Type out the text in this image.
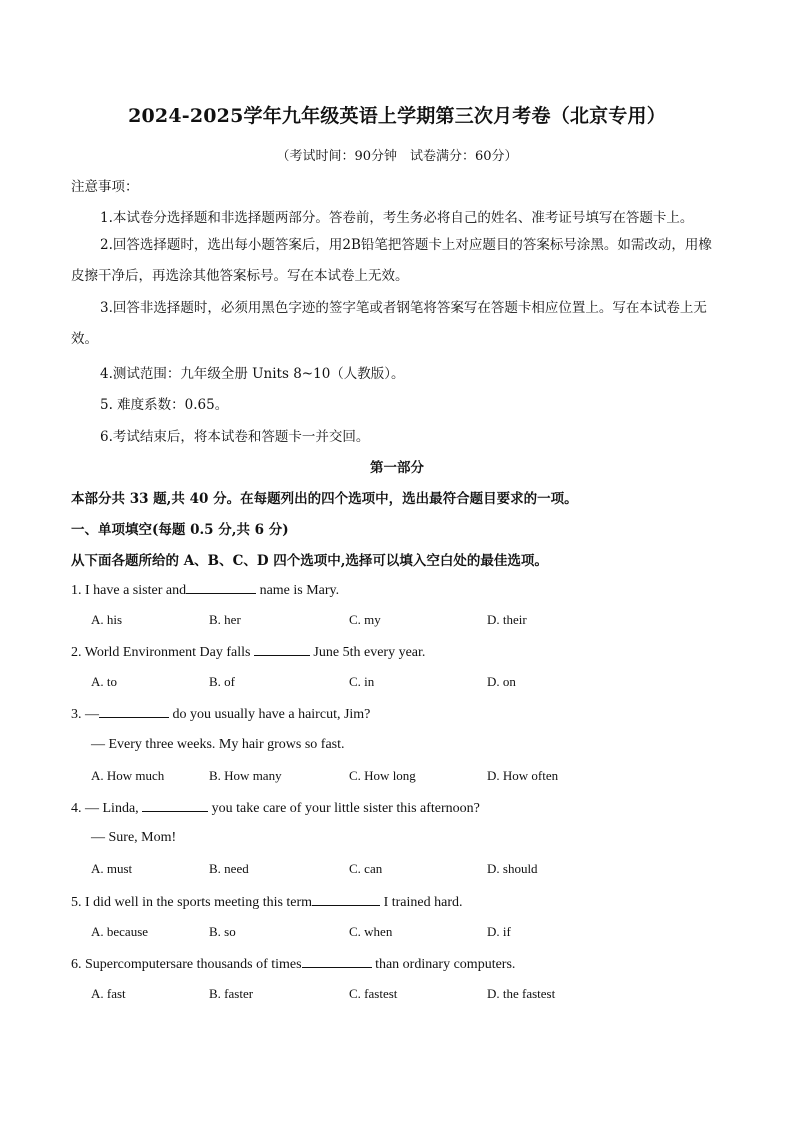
2024-2025学年九年级英语上学期第三次月考卷（北京专用）
（考试时间：90分钟　试卷满分：60分）
注意事项：
1.本试卷分选择题和非选择题两部分。答卷前，考生务必将自己的姓名、准考证号填写在答题卡上。
2.回答选择题时，选出每小题答案后，用2B铅笔把答题卡上对应题目的答案标号涂黑。如需改动，用橡皮擦干净后，再选涂其他答案标号。写在本试卷上无效。
3.回答非选择题时，必须用黑色字迹的签字笔或者钢笔将答案写在答题卡相应位置上。写在本试卷上无效。
4.测试范围：九年级全册 Units 8~10（人教版）。
5. 难度系数：0.65。
6.考试结束后，将本试卷和答题卡一并交回。
第一部分
本部分共 33 题,共 40 分。在每题列出的四个选项中，选出最符合题目要求的一项。
一、单项填空(每题 0.5 分,共 6 分)
从下面各题所给的 A、B、C、D 四个选项中,选择可以填入空白处的最佳选项。
1. I have a sister and	name is Mary.
A. his	B. her	C. my	D. their
2. World Environment Day falls	June 5th every year.
A. to	B. of	C. in	D. on
3. —	do you usually have a haircut, Jim?
— Every three weeks. My hair grows so fast.
A. How much	B. How many	C. How long	D. How often
4. — Linda,	you take care of your little sister this afternoon?
— Sure, Mom!
A. must	B. need	C. can	D. should
5. I did well in the sports meeting this term	I trained hard.
A. because	B. so	C. when	D. if
6. Supercomputersare thousands of times	than ordinary computers.
A. fast	B. faster	C. fastest	D. the fastest
